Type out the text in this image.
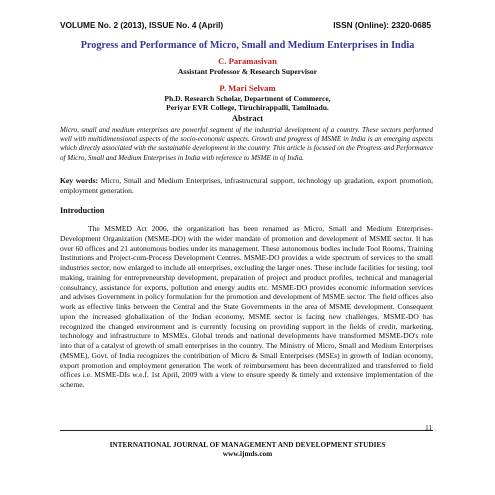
VOLUME No. 2 (2013), ISSUE No. 4 (April)	ISSN (Online): 2320-0685
Progress and Performance of Micro, Small and Medium Enterprises in India
C. Paramasivan
Assistant Professor & Research Supervisor
P. Mari Selvam
Ph.D. Research Scholar, Department of Commerce,
Periyar EVR College, Tiruchirappalli, Tamilnadu.
Abstract
Micro, small and medium enterprises are powerful segment of the industrial development of a country. These sectors performed well with multidimensional aspects of the socio-economic aspects. Growth and progress of MSME in India is an emerging aspects which directly associated with the sustainable development in the country. This article is focused on the Progress and Performance of Micro, Small and Medium Enterprises in India with reference to MSME in of India.
Key words: Micro, Small and Medium Enterprises, infrastructural support, technology up gradation, export promotion, employment generation.
Introduction
The MSMED Act 2006, the organization has been renamed as Micro, Small and Medium Enterprises-Development Organization (MSME-DO) with the wider mandate of promotion and development of MSME sector. It has over 60 offices and 21 autonomous bodies under its management. These autonomous bodies include Tool Rooms, Training Institutions and Project-cum-Process Development Centres. MSME-DO provides a wide spectrum of services to the small industries sector, now enlarged to include all enterprises, excluding the larger ones. These include facilities for testing, tool making, training for entrepreneurship development, preparation of project and product profiles, technical and managerial consultancy, assistance for exports, pollution and energy audits etc. MSME-DO provides economic information services and advises Government in policy formulation for the promotion and development of MSME sector. The field offices also work as effective links between the Central and the State Governments in the area of MSME development. Consequent upon the increased globalization of the Indian economy, MSME sector is facing new challenges. MSME-DO has recognized the changed environment and is currently focusing on providing support in the fields of credit, marketing, technology and infrastructure to MSMEs. Global trends and national developments have transformed MSME-DO's role into that of a catalyst of growth of small enterprises in the country. The Ministry of Micro, Small and Medium Enterprises (MSME), Govt. of India recognizes the contribution of Micro & Small Enterprises (MSEs) in growth of Indian economy, export promotion and employment generation The work of reimbursement has been decentralized and transferred to field offices i.e. MSME-DIs w.e.f. 1st April, 2009 with a view to ensure speedy & timely and extensive implementation of the scheme.
11
INTERNATIONAL JOURNAL OF MANAGEMENT AND DEVELOPMENT STUDIES
www.ijmds.com
